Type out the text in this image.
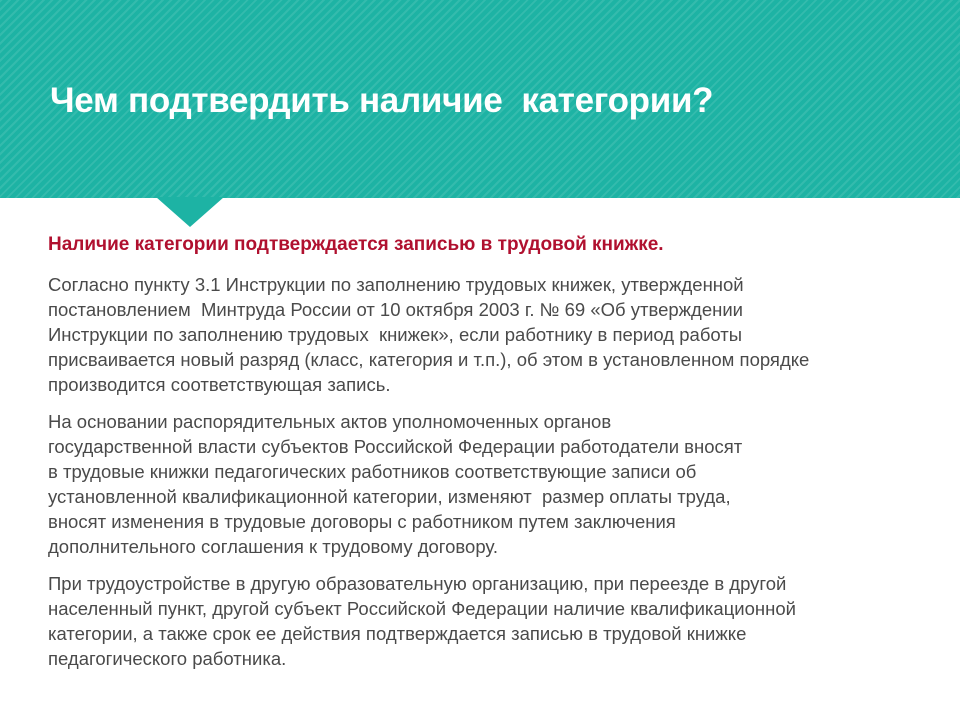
Чем подтвердить наличие  категории?

Наличие категории подтверждается записью в трудовой книжке.

Согласно пункту 3.1 Инструкции по заполнению трудовых книжек, утвержденной
постановлением  Минтруда России от 10 октября 2003 г. № 69 «Об утверждении
Инструкции по заполнению трудовых  книжек», если работнику в период работы
присваивается новый разряд (класс, категория и т.п.), об этом в установленном порядке
производится соответствующая запись.

На основании распорядительных актов уполномоченных органов
государственной власти субъектов Российской Федерации работодатели вносят
в трудовые книжки педагогических работников соответствующие записи об
установленной квалификационной категории, изменяют  размер оплаты труда,
вносят изменения в трудовые договоры с работником путем заключения
дополнительного соглашения к трудовому договору.

При трудоустройстве в другую образовательную организацию, при переезде в другой
населенный пункт, другой субъект Российской Федерации наличие квалификационной
категории, а также срок ее действия подтверждается записью в трудовой книжке
педагогического работника.
